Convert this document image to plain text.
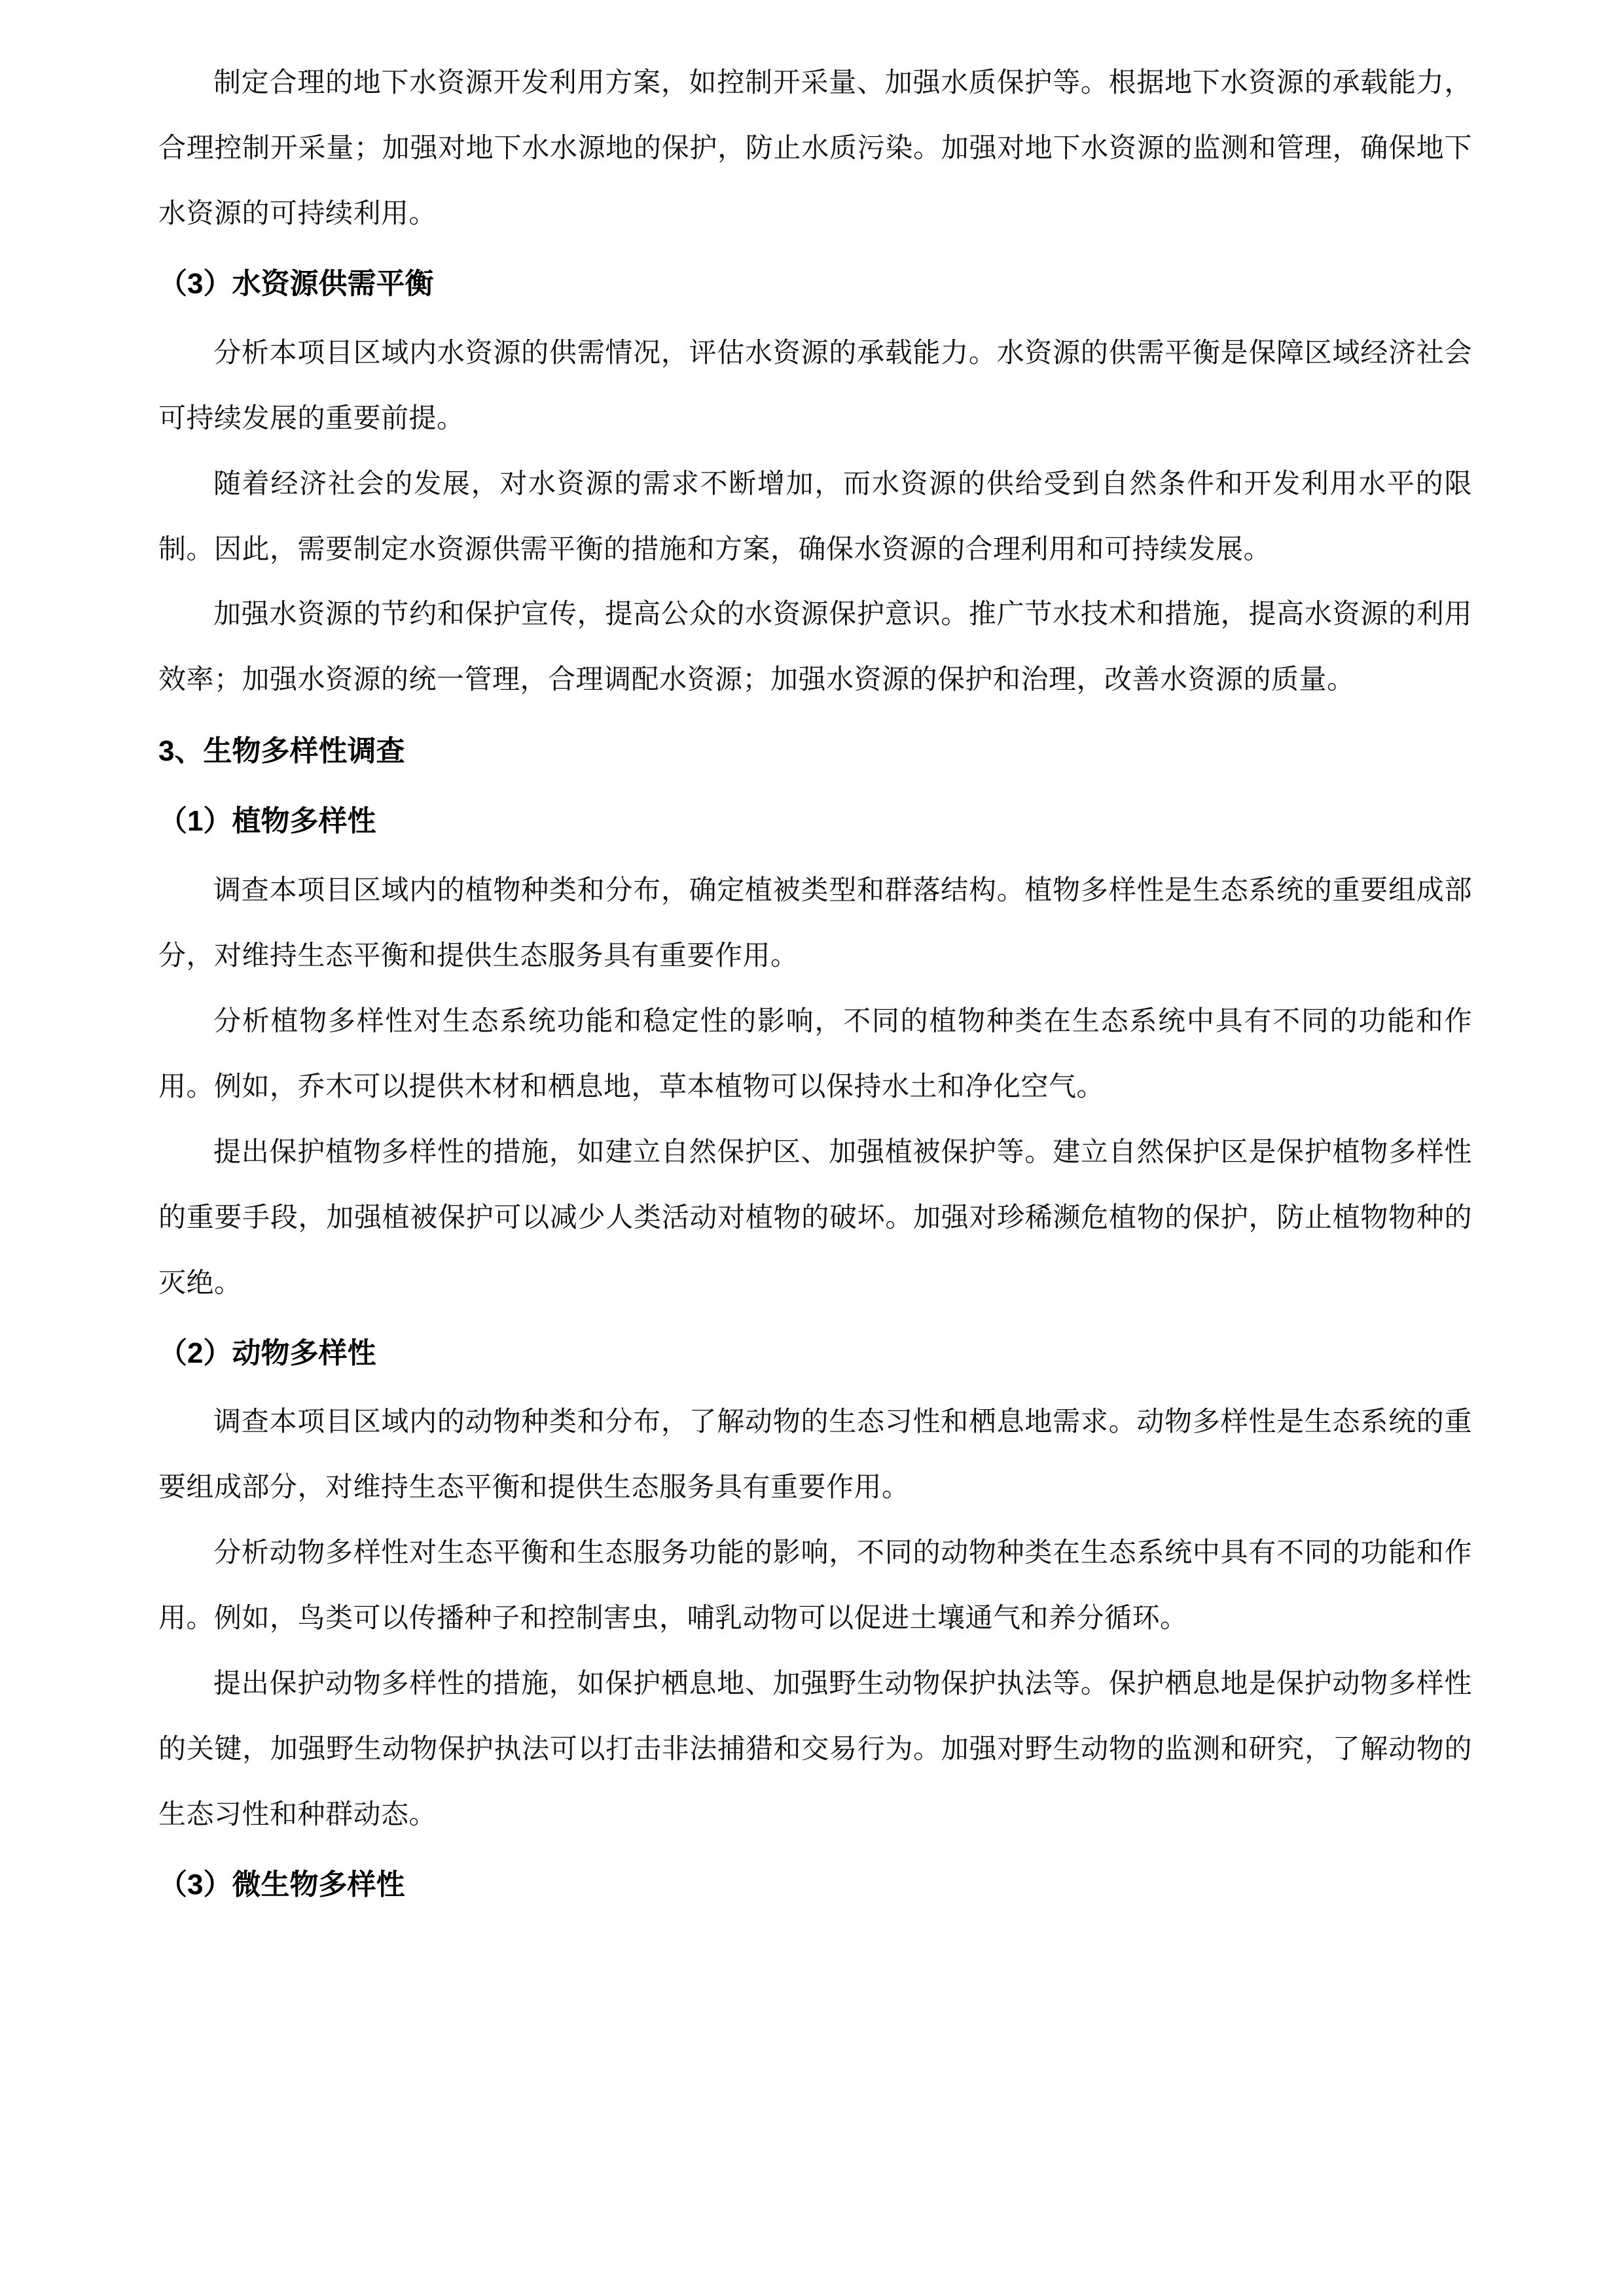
制定合理的地下水资源开发利用方案，如控制开采量、加强水质保护等。根据地下水资源的承载能力，合理控制开采量；加强对地下水水源地的保护，防止水质污染。加强对地下水资源的监测和管理，确保地下水资源的可持续利用。

（3）水资源供需平衡

分析本项目区域内水资源的供需情况，评估水资源的承载能力。水资源的供需平衡是保障区域经济社会可持续发展的重要前提。

随着经济社会的发展，对水资源的需求不断增加，而水资源的供给受到自然条件和开发利用水平的限制。因此，需要制定水资源供需平衡的措施和方案，确保水资源的合理利用和可持续发展。

加强水资源的节约和保护宣传，提高公众的水资源保护意识。推广节水技术和措施，提高水资源的利用效率；加强水资源的统一管理，合理调配水资源；加强水资源的保护和治理，改善水资源的质量。

3、生物多样性调查
（1）植物多样性

调查本项目区域内的植物种类和分布，确定植被类型和群落结构。植物多样性是生态系统的重要组成部分，对维持生态平衡和提供生态服务具有重要作用。

分析植物多样性对生态系统功能和稳定性的影响，不同的植物种类在生态系统中具有不同的功能和作用。例如，乔木可以提供木材和栖息地，草本植物可以保持水土和净化空气。

提出保护植物多样性的措施，如建立自然保护区、加强植被保护等。建立自然保护区是保护植物多样性的重要手段，加强植被保护可以减少人类活动对植物的破坏。加强对珍稀濒危植物的保护，防止植物物种的灭绝。

（2）动物多样性

调查本项目区域内的动物种类和分布，了解动物的生态习性和栖息地需求。动物多样性是生态系统的重要组成部分，对维持生态平衡和提供生态服务具有重要作用。

分析动物多样性对生态平衡和生态服务功能的影响，不同的动物种类在生态系统中具有不同的功能和作用。例如，鸟类可以传播种子和控制害虫，哺乳动物可以促进土壤通气和养分循环。

提出保护动物多样性的措施，如保护栖息地、加强野生动物保护执法等。保护栖息地是保护动物多样性的关键，加强野生动物保护执法可以打击非法捕猎和交易行为。加强对野生动物的监测和研究，了解动物的生态习性和种群动态。

（3）微生物多样性
